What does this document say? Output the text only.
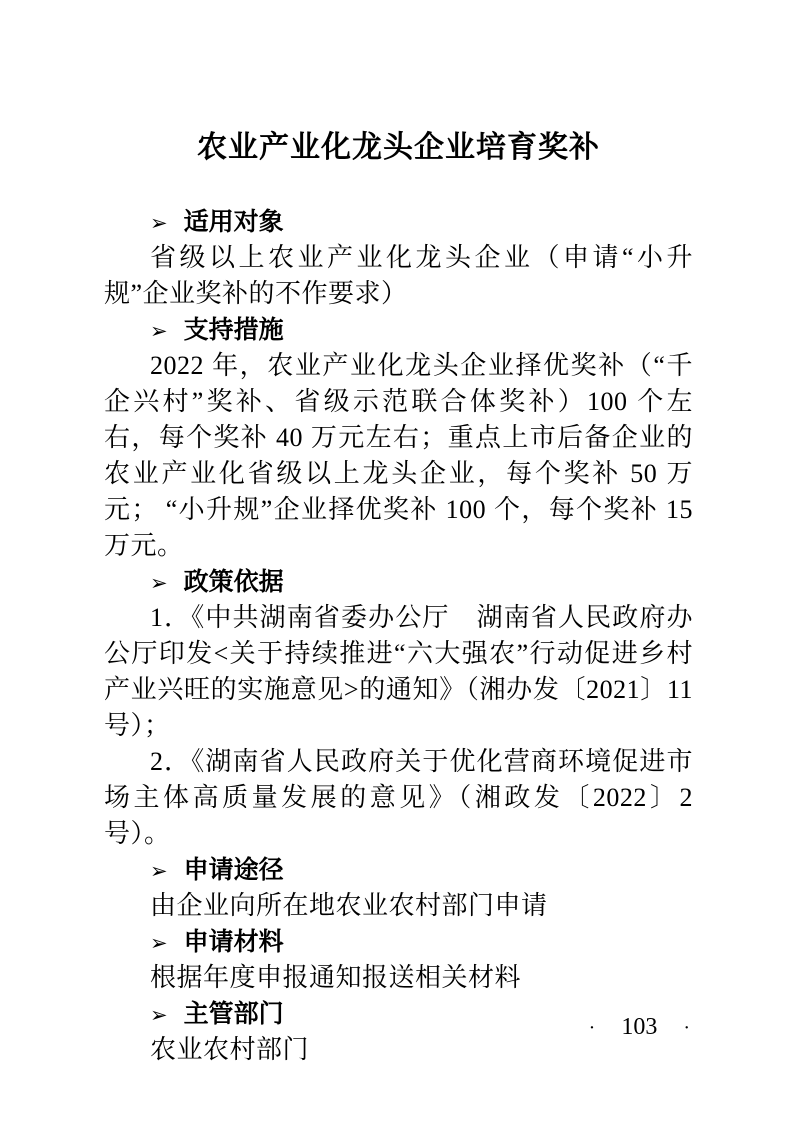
农业产业化龙头企业培育奖补
➢ 适用对象

省级以上农业产业化龙头企业（申请“小升规”企业奖补的不作要求）

➢ 支持措施

2022 年，农业产业化龙头企业择优奖补（“千企兴村”奖补、省级示范联合体奖补）100 个左右，每个奖补 40 万元左右；重点上市后备企业的农业产业化省级以上龙头企业，每个奖补 50 万元； “小升规”企业择优奖补 100 个，每个奖补 15 万元。

➢ 政策依据

1．《中共湖南省委办公厅　湖南省人民政府办公厅印发<关于持续推进“六大强农”行动促进乡村产业兴旺的实施意见>的通知》（湘办发〔2021〕11 号）；

2．《湖南省人民政府关于优化营商环境促进市场主体高质量发展的意见》（湘政发〔2022〕2 号）。

➢ 申请途径

由企业向所在地农业农村部门申请

➢ 申请材料

根据年度申报通知报送相关材料

➢ 主管部门

农业农村部门

· 103 ·
